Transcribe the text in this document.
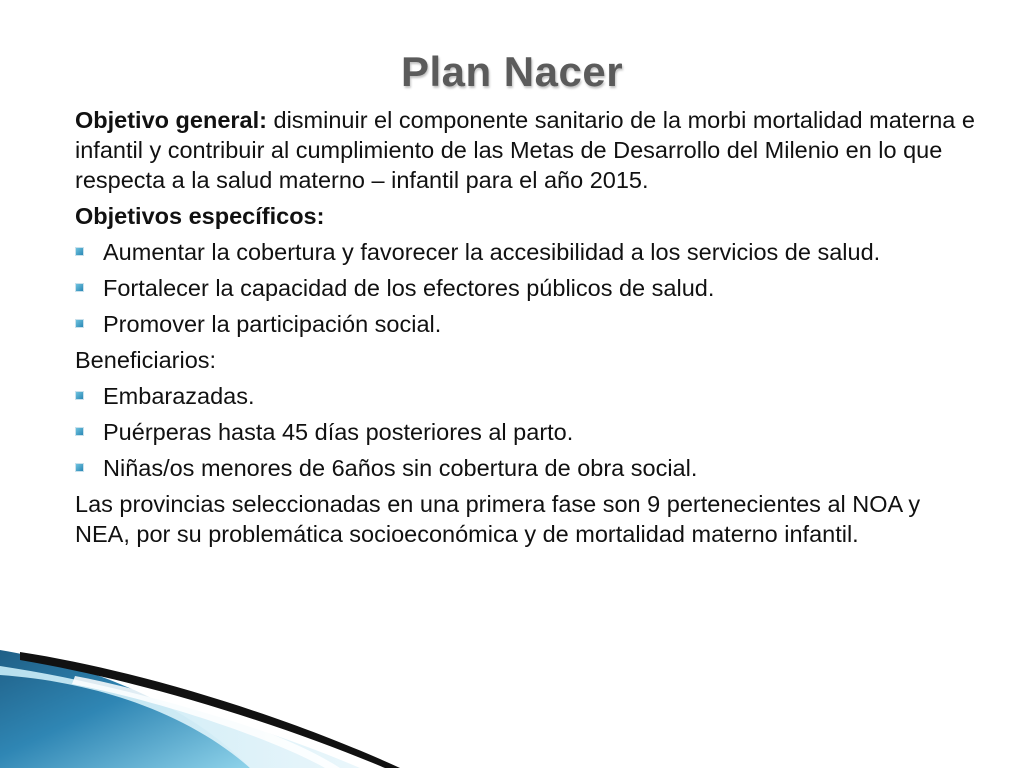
Plan Nacer

Objetivo general: disminuir el componente sanitario de la morbi mortalidad materna e infantil y contribuir al cumplimiento de las Metas de Desarrollo del Milenio en lo que respecta a la salud materno – infantil para el año 2015.

Objetivos específicos:
Aumentar la cobertura y favorecer la accesibilidad a los servicios de salud.
Fortalecer la capacidad de los efectores públicos de salud.
Promover la participación social.
Beneficiarios:
Embarazadas.
Puérperas hasta 45 días posteriores al parto.
Niñas/os menores de 6años sin cobertura de obra social.

Las provincias seleccionadas en una primera fase son 9 pertenecientes al NOA y NEA, por su problemática socioeconómica y de mortalidad materno infantil.
